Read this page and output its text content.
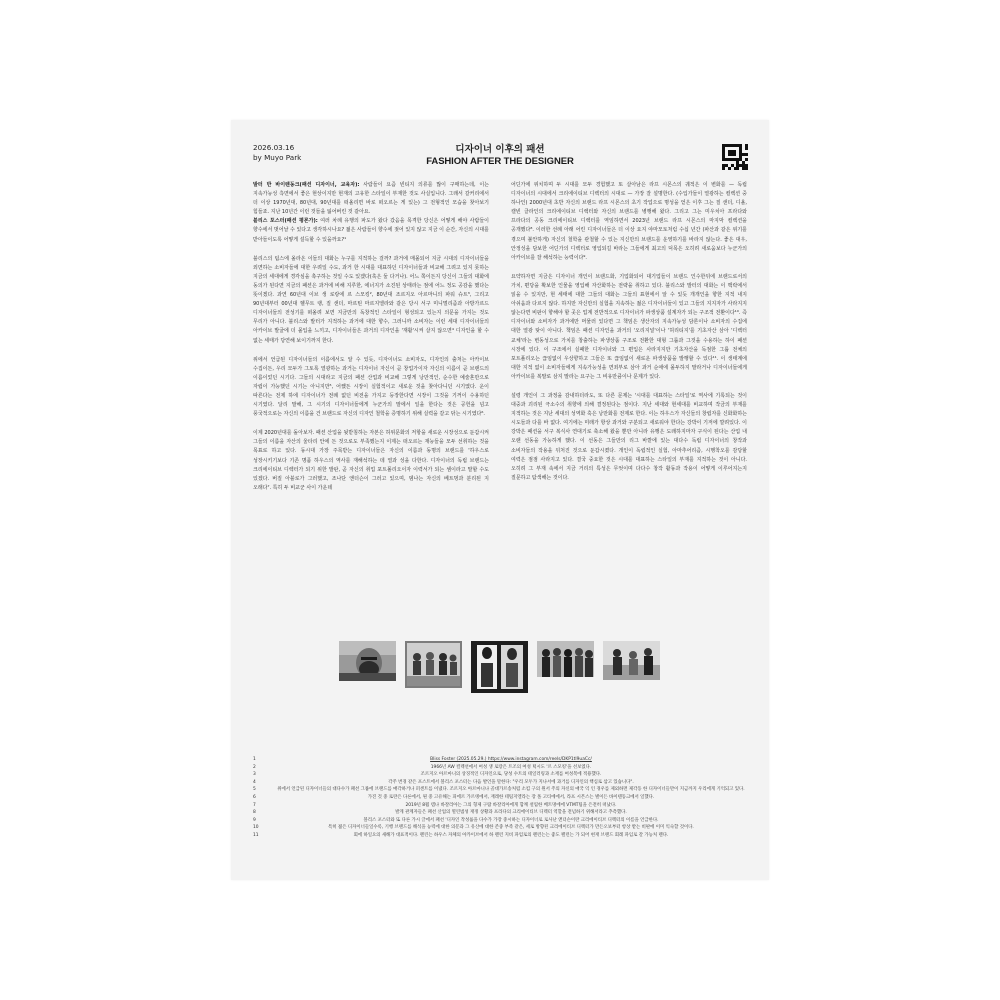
2026.03.16
by Muyo Park
디자이너 이후의 패션
FASHION AFTER THE DESIGNER

발터 반 바이렌동크(패션 디자이너, 교육자): 사람들이 요즘 빈티지 의류를 많이 구매하는데, 이는 지속가능성 측면에서 좋은 현상이지만 현재의 고유한 스타일이 부재한 것도 사실입니다. 그래서 갈커리에서 더 이상 1970년대, 80년대, 90년대를 떠올리면 바로 떠오르는 게 있는) 그 전형적인 모습을 찾아보기 힘들죠. 지난 10년간 이런 것들을 잃어버린 것 같아요.

블리스 포스터(패션 평론가): 여러 차례 유행의 파도가 왔다 갔음을 목격한 당신은 어떻게 해야 사람들이 향수에서 벗어날 수 있다고 생각하시나요? 젊은 사람들이 향수에 젖어 있지 않고 지금 이 순간, 자신의 시대를 받아들이도록 어떻게 설득할 수 있을까요?¹

블리스의 팀스에 올라온 이들의 대화는 누구를 지적하는 걸까? 과거에 매몰되어 지금 시대의 디자이너들을 외면하는 소비자들에 대한 우려일 수도, 과거 한 시대를 대표하던 디자이너들과 비교해 그려고 있지 못하는 지금의 세대에게 경각심을 촉구하는 것일 수도 있겠다(혹은 둘 다거나). 어느 쪽이든지 당신이 그들의 대화에 동의가 된다면 지금의 패션은 과거에 비해 지루한, 에너지가 소진된 상태라는 점에 어느 정도 공감을 했다는 뜻이겠다. 과연 60년대 이브 생 로랑에 르 스모킹², 80년대 조르지오 아르마니의 파워 슈트³, 그리고 90년대부터 00년대 헬무트 랭, 질 샌더, 마르틴 마르지엘라와 같은 당시 서구 미니멀리즘과 아방가르드 디자이너들의 전성기를 떠올려 보면 지금만의 독창적인 스타일이 형성되고 있는지 의문을 가지는 것도 무리가 아니다. 블리스와 발터가 지적하는 과거에 대한 향수, 그러니까 소비자는 이런 세대 디자이너들의 아카이브 발굴에 더 몰입을 느끼고, 디자이너들은 과거의 디자인을 '재활'시켜 살지 않으면⁴ 디자인을 할 수 없는 세태가 당연해 보이기까지 한다.

위에서 언급된 디자이너들의 이름에서도 알 수 있듯, 디자이너도 소비자도, 디자인의 출처는 아카이브 수집이든, 우리 모두가 그토록 열광하는 과거는 디자이너 자신이 곧 창업가이자 자신의 이름이 곧 브랜드의 이름이었던 시기다. 그들의 시대라고 지금의 패션 산업과 비교해 그렇게 낭만적인, 순수한 예술혼만으로 자립이 가능했던 시기는 아니지만⁵, 어쨌든 시장이 실험적이고 새로운 것을 찾아다니던 시기였다. 운이 따른다는 전제 하에 디자이너가 전례 없던 비전을 가지고 등장한다면 시장이 그것을 기꺼이 수용하던 시기였다. 달리 말해, 그 시기의 디자이너들에게 누군가의 말에서 일을 한다는 것은 공헌을 넘고 풍국적으로는 자신의 이름을 건 브랜드로 자신의 디자인 철학을 증명하기 위해 실력을 갈고 닦는 시기였다⁶.

이제 2020년대를 돌아보자. 패션 산업을 뒷받침하는 자본은 허위문화의 저항을 새로운 시장성으로 둔갑시켜 그들의 이름을 자산의 울타리 안에 든 것으로도 부족했는지 이제는 떠오르는 재능들을 모두 선취하는 것을 목표로 하고 있다. 동시대 가장 주목받는 디자이너들은 자신의 이름과 동명의 브랜드를 '하우스로 성장시키기보다 기존 명품 하우스의 역사를 재해석하는 데 열과 성을 다한다. 디자이너의 독립 브랜드는 크리에이티브 디렉터가 되기 위한 발판, 곧 자신의 취업 포트폴리오이자 이력서가 되는 셈이라고 말할 수도 있겠다. 버질 아블로가 그러했고, 조나단 앤더슨이 그러고 있으며, 뎀나는 자신의 베트멍과 분리된 지 오래다⁷. 특히 두 비교군 사이 가운데

어딘가에 위치하며 두 시대를 모두 경험했고 또 살아남은 라프 시몬스의 궤적은 이 변화를 — 독립 디자이너의 시대에서 크리에이티브 디렉터의 시대로 — 가장 잘 설명한다. (수입가들이 열광하는 컬렉션 중 하나인) 2000년대 초반 자신의 브랜드 라프 시몬스의 초기 작업으로 명성을 얻은 이후 그는 질 샌더, 디올, 캘빈 클라인의 크리에이티브 디렉터와 자신의 브랜드를 병행해 왔다. 그리고 그는 미우치아 프라다와 프라다의 공동 크리에이티브 디렉터를 역임하면서 2023년 브랜드 라프 시몬스의 마지막 컬렉션을 공개했다⁸. 이러한 선례 아래 어린 디자이너들은 더 이상 요지 야마모토처럼 수십 년간 (파산과 같은 위기를 겪으며 불안하게) 자신의 철학을 관철할 수 있는 지신만의 브랜드를 운영하기를 바라지 않는다. 좋은 대우, 안정성을 담보한 어딘가의 디렉터로 영입되길 바라는 그들에게 최고의 덕목은 오히려 새로움보다 누군가의 아카이브를 잘 해석하는 능력이다⁹.

요약하자면 지금은 디자이너 개인이 브랜드화, 기업화되어 대기업들이 브랜드 인수한뒤에 브랜드로서의 가치, 편당을 확보한 인물을 영입해 자산화하는 전략을 취하고 있다. 블리스와 발터의 대화는 이 맥락에서 읽을 수 있지만, 현 세태에 대한 그들의 대화는 그들의 표현에서 알 수 있듯 개개인을 향한 지적 내지 아쉬움과 다르지 않다. 하지만 자신만의 실험을 지속하는 젊은 디자이너들이 있고 그들의 지지자가 사라지지 않는다면 비판이 향해야 할 곳은 업계 전반적으로 디자이너가 파생상품 설계자가 되는 구조적 전환이다¹⁰. 즉 디자이너와 소비자가 과거에만 머물러 있다면 그 책임은 생산자의 지속가능성 담론이나 소비자의 수집에 대한 열광 탓이 아니다. 책임은 패션 디자인을 과거의 '오리지널'이나 '허리티지'를 기초자산 삼아 '디렉터 교체'라는 변동성으로 가치를 창출하는 파생상품 구조로 전환한 대형 그룹과 그것을 수용하는 하이 패션 시장에 있다. 이 구조에서 실패한 디자이너와 그 편입은 사라지지만 기초자산을 독점한 그룹 전체의 포트폴리오는 끊임없이 우상향하고 그들은 또 끊임없이 새로운 파생상품을 발행할 수 있다¹¹. 이 생태계에 대한 지적 없이 소비자들에게 지속가능성을 면죄부로 삼아 과거 순애에 몰두하지 말라거나 디자이너들에게 아카이브를 복말로 삼지 말라는 요구는 그 비유만큼이나 문제가 있다.

설령 개인이 그 과정을 감내하더라도, 또 다른 문제는 '시대를 대표하는 스타일'로 역사에 기록되는 것이 대중과 괴리된 극소수의 취향에 의해 결정된다는 점이다. 지난 세대와 현세대를 비교하며 작금의 부재를 지적하는 것은 지난 세대의 성역화 혹은 낭만화를 전제로 한다. 이는 하우스가 자신들의 창립자를 신화화하는 시도들과 다를 바 없다. 여기에는 미래가 항상 과거와 구분되고 새로워야 한다는 강박이 기저에 깔려있다. 이 강박은 패션을 서구 복식사 연대기로 축소해 왔을 뿐만 아니라 유행은 도래하지마자 구식이 된다는 산업 내 오랜 선동을 가능하게 했다. 이 선동은 그들만의 리그 바깥에 있는 대다수 독립 디자이너의 창작과 소비자들의 작용을 뒤처진 것으로 둔갑시켰다. 개인이 독립적인 실험, 아마추어리즘, 시행착오를 감당할 여력은 점점 사라지고 있다. 결국 중요한 것은 시대를 대표하는 스타일의 부재를 지적하는 것이 아니다. 오히려 그 부재 속에서 지금 거리의 특성은 무엇이며 다다수 창작 활동과 작용이 어떻게 이루어지는지 질문하고 탐색해는 것이다.

1	Bliss Foster (2025.05.29.) https://www.instagram.com/reels/DKP1tl9uaCc/
2	1966년 AW 컬렉션에서 여성 생 로랑은 트조의 여성 턱시도 '르 스모킹'을 선보였다.
3	조르지오 아르마니의 상징적인 디자인으로, 당성 수트의 테일러링과 소재를 여성복에 적용했다.
4	각주 번경 같은 포스트에서 블리스 포스터는 다음 발언을 말한다: "우리 모두가 지나서에 과거를 디자인의 핵심로 삼고 있습니다".
5	위에서 언급된 디자이너들의 대다수가 패션 그룹에 브랜드를 매각하거나 퍼센트를 이냈다. 조르지오 아르마니나 골대가르송처럼 소킴 구의 원서 주의 자신의 애국 익 인 경우를 제외하면 제각동 한 디자이너들만이 지금까지 우리에게 기억되고 있다.
6	가진 것 중 로란은 다른에서, 뭔 중 고유해는 피에르 가르뎅에서, 재레한 테팀지엘라는 장 폴 고티에에서, 라프 시몬스는 별이든 바이텐동크에서 일했다.
7	2019년 8월 뎀나 바잘리아는 그의 형제 구람 바잘리아에게 함께 설립한 베트멍에에 VTMT팀을 은전히 떠났다.
8	발게 관계자들은 패션 산업의 열린범성 재정 상황과 프라다의 크리에이티브 디렉터 역할을 전념하기 위해서라고 추측했다.
9	블리스 포스터와 또 다른 가시 글에서 패션 '디자인 작성률을 다수가 가장 중시하는 디자이너로 로사난 앤더슨이란 크리에이티브 디렉터의 이름을 언급한다.
10	특히 젊은 디자이너들일수록, 기행 브랜드를 해석을 능력에 대한 의문과 그 유산에 대한 존중 부족 같은, 세로 방향된 크리에이티브 디렉터가 만든오보부터 항상 받는 비판에 이미 익숙할 것이다.
11	회에 하일요의 새해가 대표적이다. 렌린는 하우스 자체의 아카이브에서 하 렌런 지비 파엄로의 렌런는는 좋도 펠런는 가 되어 현재 브랜드 회례 파임로 갈 가능처 렌다.
